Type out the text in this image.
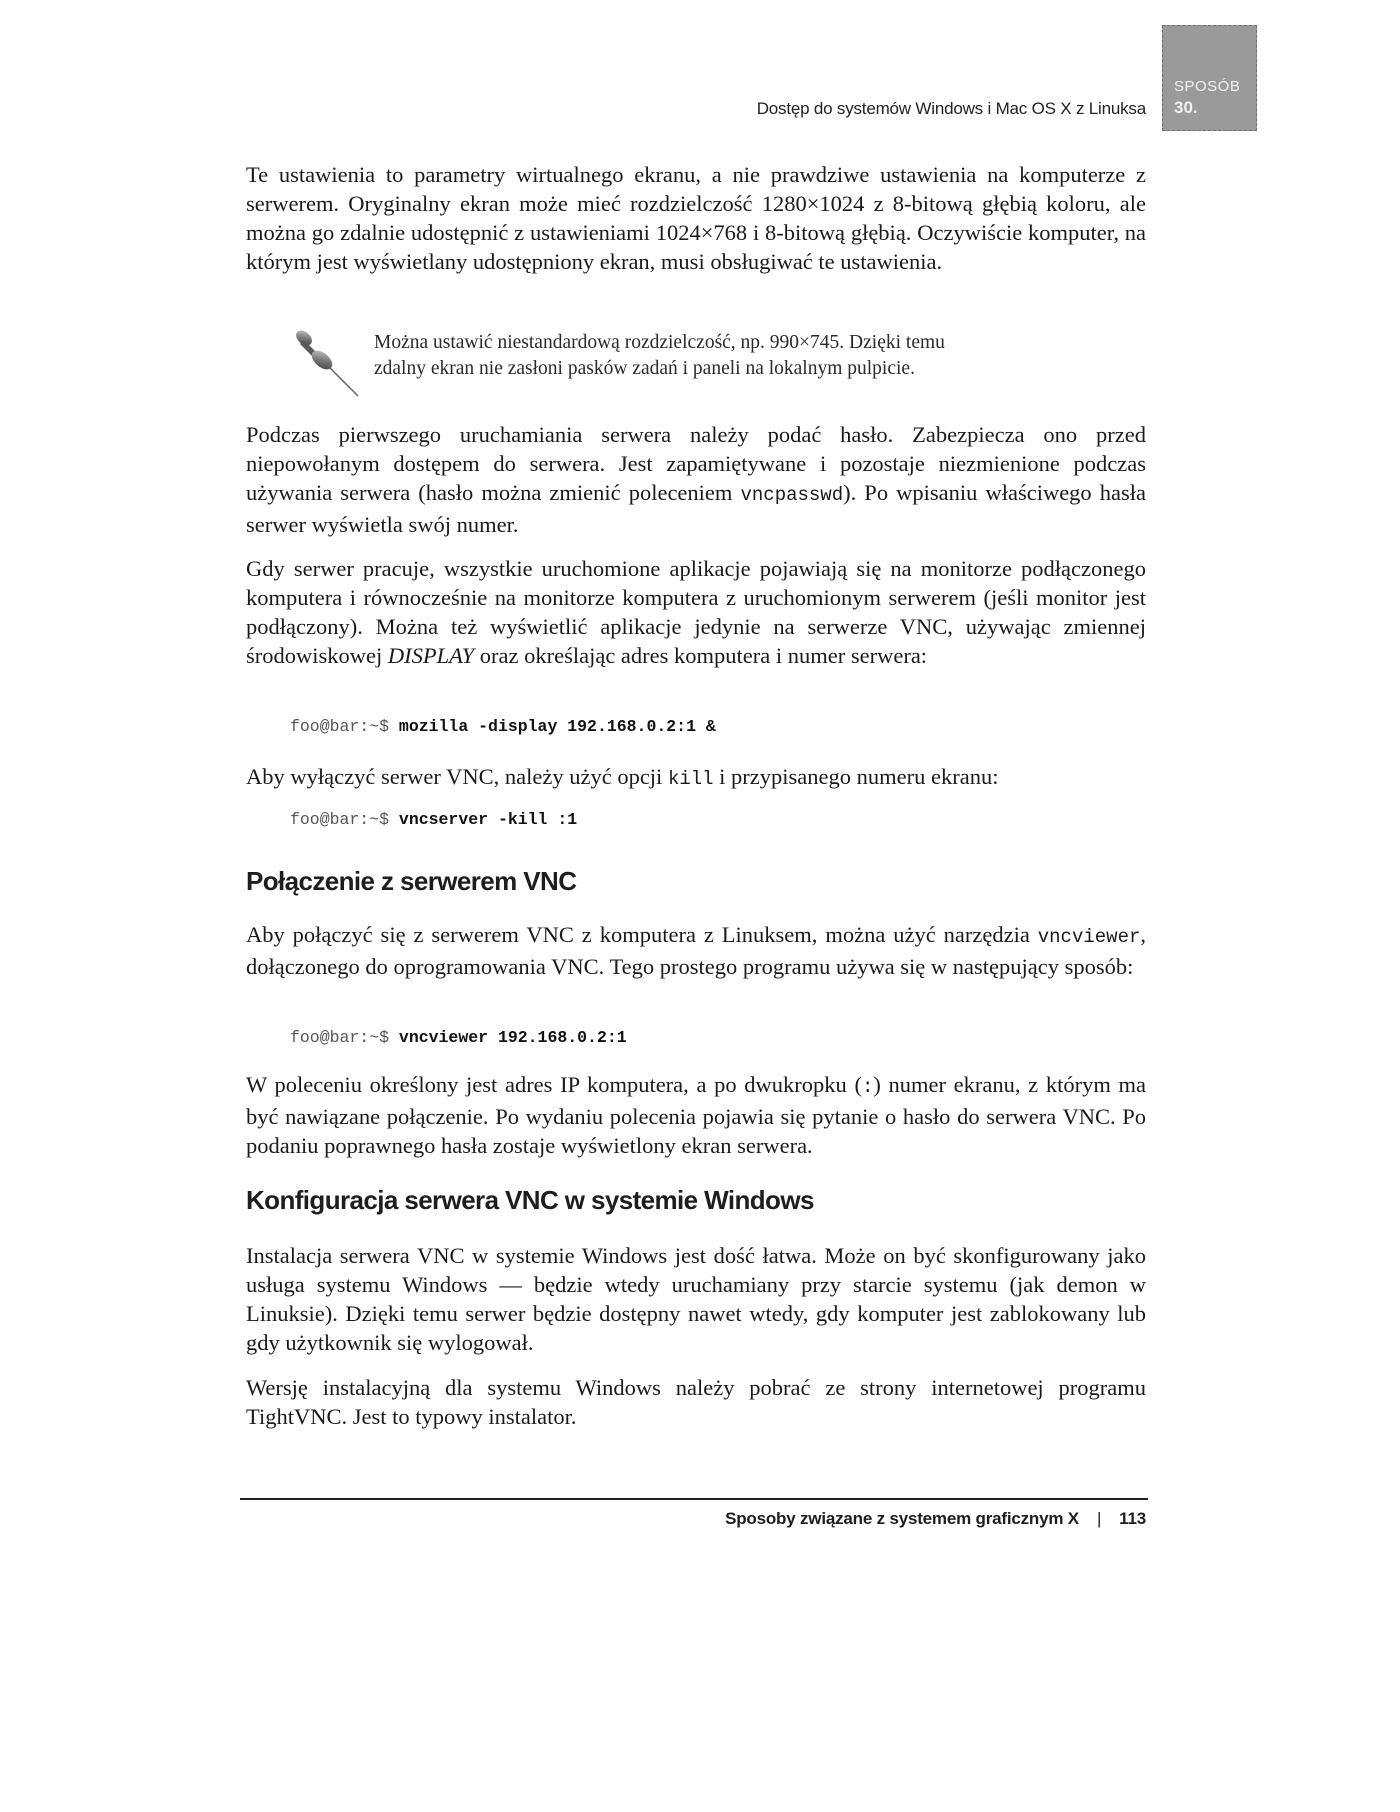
Dostęp do systemów Windows i Mac OS X z Linuksa
SPOSÓB
30.

Te ustawienia to parametry wirtualnego ekranu, a nie prawdziwe ustawienia na komputerze z serwerem. Oryginalny ekran może mieć rozdzielczość 1280×1024 z 8-bitową głębią koloru, ale można go zdalnie udostępnić z ustawieniami 1024×768 i 8-bitową głębią. Oczywiście komputer, na którym jest wyświetlany udostępniony ekran, musi obsługiwać te ustawienia.

Można ustawić niestandardową rozdzielczość, np. 990×745. Dzięki temu
zdalny ekran nie zasłoni pasków zadań i paneli na lokalnym pulpicie.

Podczas pierwszego uruchamiania serwera należy podać hasło. Zabezpiecza ono przed niepowołanym dostępem do serwera. Jest zapamiętywane i pozostaje niezmienione podczas używania serwera (hasło można zmienić poleceniem vncpasswd). Po wpisaniu właściwego hasła serwer wyświetla swój numer.

Gdy serwer pracuje, wszystkie uruchomione aplikacje pojawiają się na monitorze podłączonego komputera i równocześnie na monitorze komputera z uruchomionym serwerem (jeśli monitor jest podłączony). Można też wyświetlić aplikacje jedynie na serwerze VNC, używając zmiennej środowiskowej DISPLAY oraz określając adres komputera i numer serwera:

foo@bar:~$ mozilla -display 192.168.0.2:1 &

Aby wyłączyć serwer VNC, należy użyć opcji kill i przypisanego numeru ekranu:

foo@bar:~$ vncserver -kill :1
Połączenie z serwerem VNC

Aby połączyć się z serwerem VNC z komputera z Linuksem, można użyć narzędzia vncviewer, dołączonego do oprogramowania VNC. Tego prostego programu używa się w następujący sposób:

foo@bar:~$ vncviewer 192.168.0.2:1

W poleceniu określony jest adres IP komputera, a po dwukropku (:) numer ekranu, z którym ma być nawiązane połączenie. Po wydaniu polecenia pojawia się pytanie o hasło do serwera VNC. Po podaniu poprawnego hasła zostaje wyświetlony ekran serwera.

Konfiguracja serwera VNC w systemie Windows

Instalacja serwera VNC w systemie Windows jest dość łatwa. Może on być skonfigurowany jako usługa systemu Windows — będzie wtedy uruchamiany przy starcie systemu (jak demon w Linuksie). Dzięki temu serwer będzie dostępny nawet wtedy, gdy komputer jest zablokowany lub gdy użytkownik się wylogował.

Wersję instalacyjną dla systemu Windows należy pobrać ze strony internetowej programu TightVNC. Jest to typowy instalator.

Sposoby związane z systemem graficznym X | 113
